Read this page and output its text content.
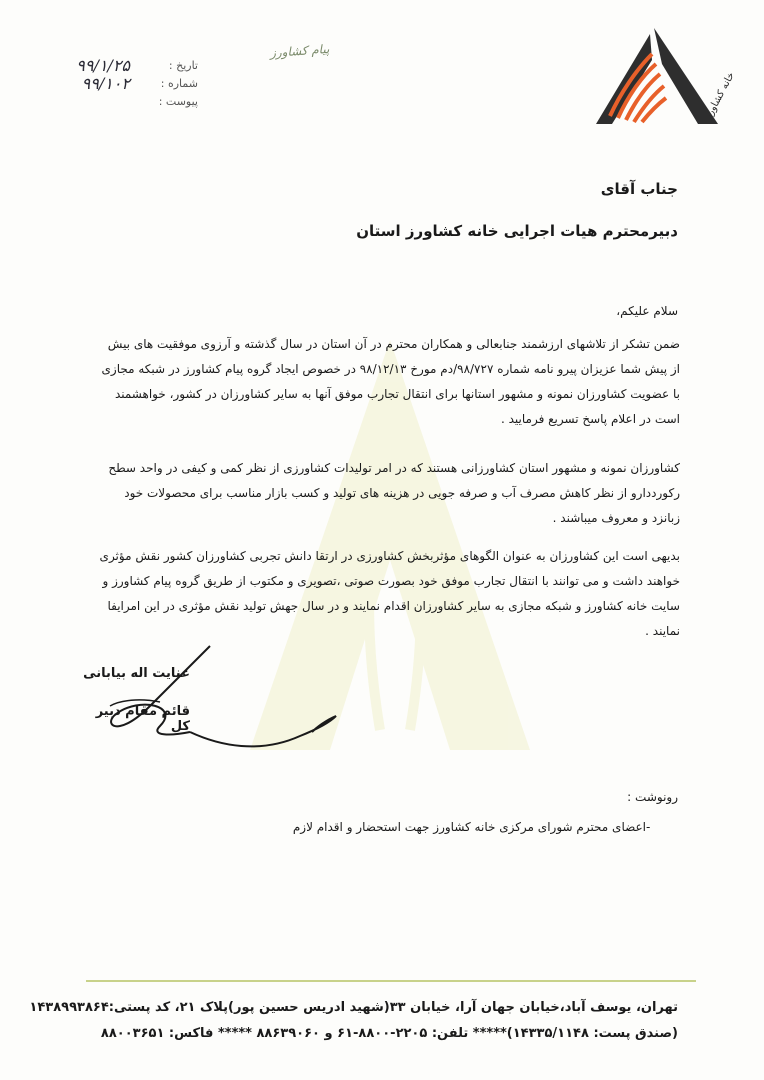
خانه کشاورز
تاریخ :
۹۹/۱/۲۵
شماره :
۹۹/۱۰۲
پیوست :
پیام کشاورز
جناب آقای
دبیرمحترم هیات اجرایی خانه کشاورز استان
سلام علیکم،
ضمن تشکر از تلاشهای ارزشمند جنابعالی و همکاران محترم در آن استان در سال گذشته و آرزوی موفقیت های بیش از پیش شما عزیزان پیرو نامه شماره ۹۸/۷۲۷/دم مورخ ۹۸/۱۲/۱۳ در خصوص ایجاد گروه پیام کشاورز در شبکه مجازی با عضویت کشاورزان نمونه و مشهور استانها برای انتقال تجارب موفق آنها به سایر کشاورزان در کشور، خواهشمند است در اعلام پاسخ تسریع فرمایید .
کشاورزان نمونه و مشهور استان کشاورزانی هستند که در امر تولیدات کشاورزی از نظر کمی و کیفی در واحد سطح رکورددارو از نظر کاهش مصرف آب و صرفه جویی در هزینه های تولید و کسب بازار مناسب برای محصولات خود زبانزد و معروف میباشند .
بدیهی است این کشاورزان به عنوان الگوهای مؤثربخش کشاورزی در ارتقا دانش تجربی کشاورزان کشور نقش مؤثری خواهند داشت و می توانند با انتقال تجارب موفق خود بصورت صوتی ،تصویری و مکتوب از طریق گروه پیام کشاورز و سایت خانه کشاورز و شبکه مجازی به سایر کشاورزان اقدام نمایند و در سال جهش تولید نقش مؤثری در این امرایفا نمایند .
عنایت اله بیابانی
قائم مقام دبیر کل
رونوشت :
اعضای محترم شورای مرکزی خانه کشاورز جهت استحضار و اقدام لازم -
تهران، یوسف آباد،خیابان جهان آرا، خیابان ۳۳(شهید ادریس حسین پور)پلاک ۲۱، کد پستی:۱۴۳۸۹۹۳۸۶۴
(صندق پست: ۱۴۳۳۵/۱۱۴۸)***** تلفن: ۲۲۰۵-۸۸۰۰-۶۱ و ۸۸۶۳۹۰۶۰ ***** فاکس: ۸۸۰۰۳۶۵۱
